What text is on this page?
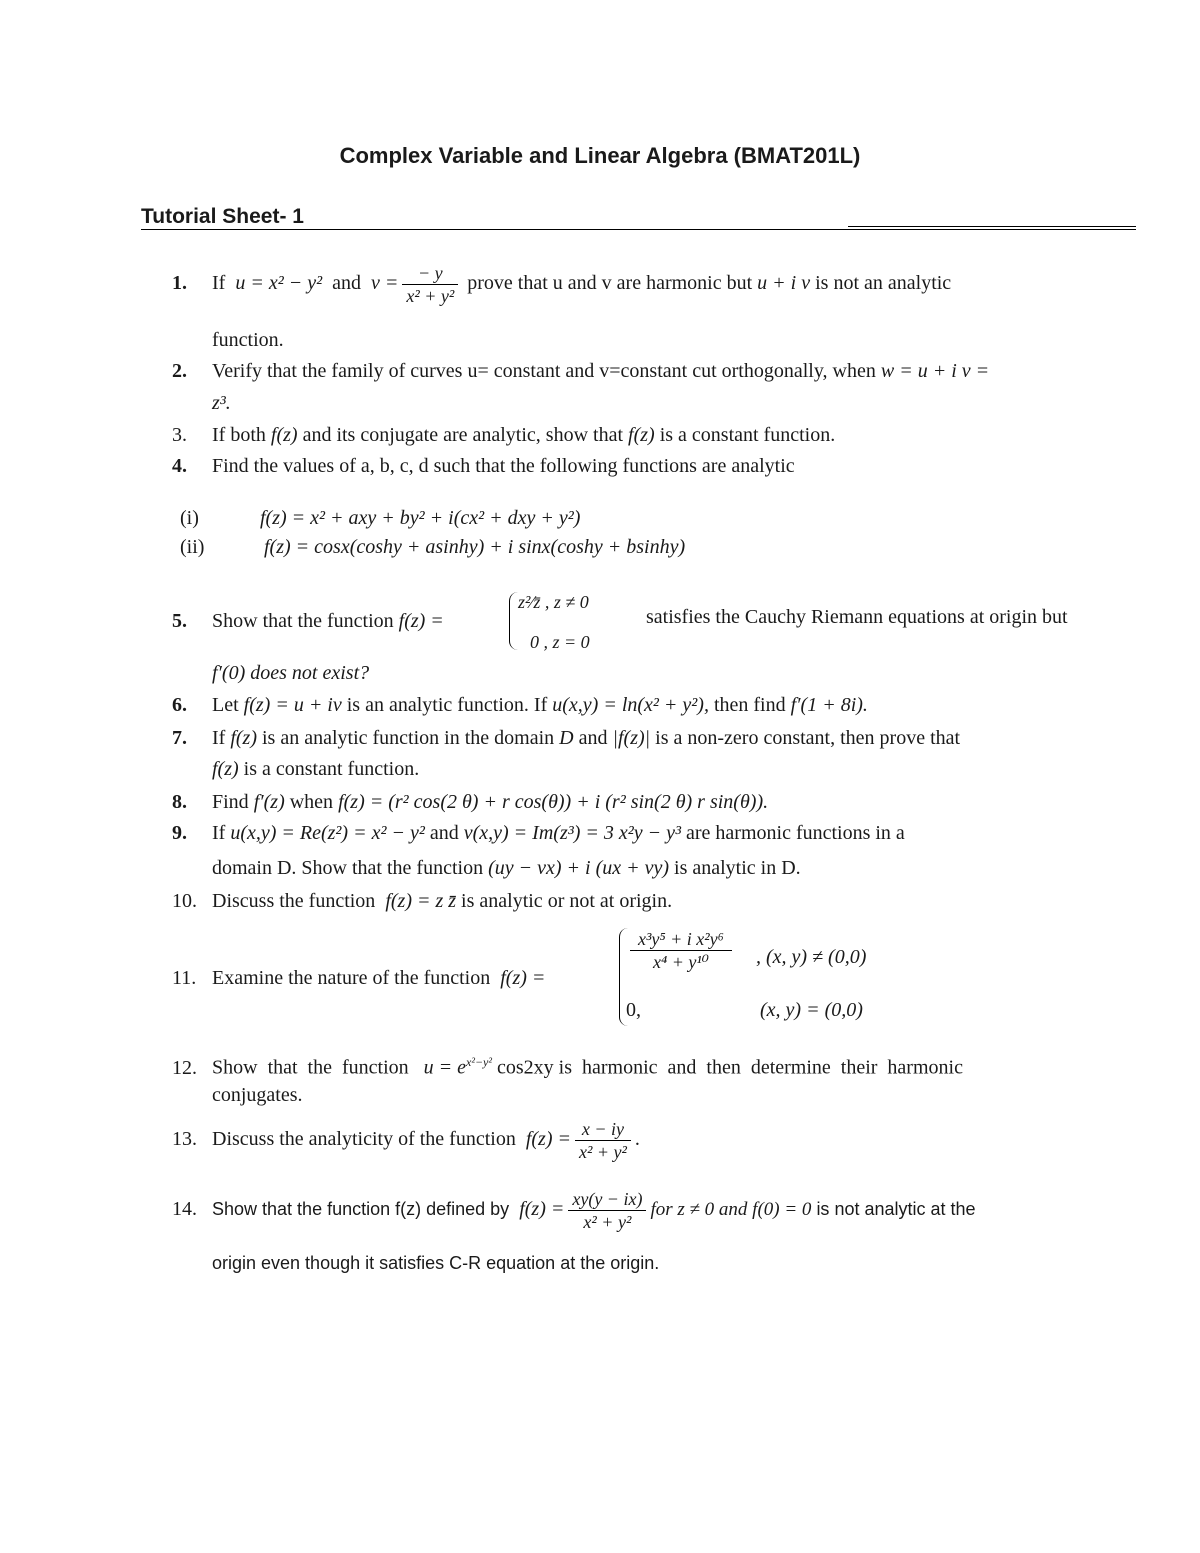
Complex Variable and Linear Algebra (BMAT201L)
Tutorial Sheet- 1
1. If u = x² − y² and $v = \frac{- y}{\text{x² + y²}}$ prove that u and v are harmonic but u + i v is not an analytic
function.
2. Verify that the family of curves u= constant and v=constant cut orthogonally, when w = u + i v =
z³.
3. If both f(z) and its conjugate are analytic, show that f(z) is a constant function.
4. Find the values of a, b, c, d such that the following functions are analytic
(i)	f(z) = x² + axy + by² + i(cx² + dxy + y²)
(ii)	f(z) = cosx(coshy + asinhy) + i sinx(coshy + bsinhy)
5. Show that the function f(z) =
z²⁄z̄ , z ≠ 0
0 , z = 0
satisfies the Cauchy Riemann equations at origin but
f′(0) does not exist?
6. Let f(z) = u + iv is an analytic function. If u(x,y) = ln(x² + y²), then find f′(1 + 8i).
7. If f(z) is an analytic function in the domain D and |f(z)| is a non-zero constant, then prove that
f(z) is a constant function.
8. Find f′(z) when f(z) = (r² cos(2 θ) + r cos(θ)) + i (r² sin(2 θ) r sin(θ)).
9. If u(x,y) = Re(z²) = x² − y² and v(x,y) = Im(z³) = 3 x²y − y³ are harmonic functions in a
domain D. Show that the function (uy − vx) + i (ux + vy) is analytic in D.
10. Discuss the function f(z) = z z̄ is analytic or not at origin.
11. Examine the nature of the function f(z) =
$\frac{\text{x³y⁵ + i x²y⁶}}{\text{x⁴ + y¹⁰}}$ , (x, y) ≠ (0,0)
0,	(x, y) = (0,0)
12. Show  that  the  function $u = e^{x^2-y^2}$ cos2xy is  harmonic  and  then  determine  their  harmonic
conjugates.
13. Discuss the analyticity of the function $f(z) = \frac{x - iy}{\text{x² + y²}}$ .
14. Show that the function f(z) defined by $f(z) = \frac{xy(y - ix)}{\text{x² + y²}}$ for z ≠ 0 and f(0) = 0 is not analytic at the
origin even though it satisfies C-R equation at the origin.
